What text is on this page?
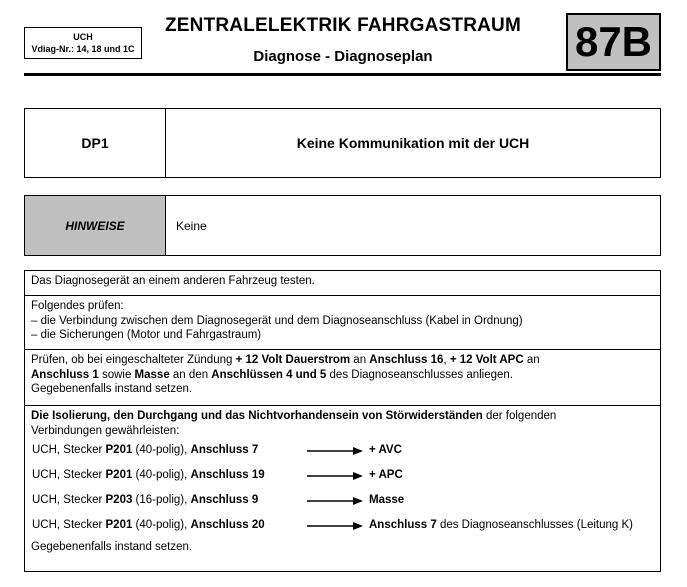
UCH
Vdiag-Nr.: 14, 18 und 1C
ZENTRALELEKTRIK FAHRGASTRAUM
Diagnose - Diagnoseplan	87B
DP1	Keine Kommunikation mit der UCH
HINWEISE	Keine
Das Diagnosegerät an einem anderen Fahrzeug testen.
Folgendes prüfen:
– die Verbindung zwischen dem Diagnosegerät und dem Diagnoseanschluss (Kabel in Ordnung)
– die Sicherungen (Motor und Fahrgastraum)
Prüfen, ob bei eingeschalteter Zündung + 12 Volt Dauerstrom an Anschluss 16, + 12 Volt APC an
Anschluss 1 sowie Masse an den Anschlüssen 4 und 5 des Diagnoseanschlusses anliegen.
Gegebenenfalls instand setzen.
Die Isolierung, den Durchgang und das Nichtvorhandensein von Störwiderständen der folgenden
Verbindungen gewährleisten:
UCH, Stecker P201 (40-polig), Anschluss 7	+ AVC
UCH, Stecker P201 (40-polig), Anschluss 19	+ APC
UCH, Stecker P203 (16-polig), Anschluss 9	Masse
UCH, Stecker P201 (40-polig), Anschluss 20	Anschluss 7 des Diagnoseanschlusses (Leitung K)
Gegebenenfalls instand setzen.
